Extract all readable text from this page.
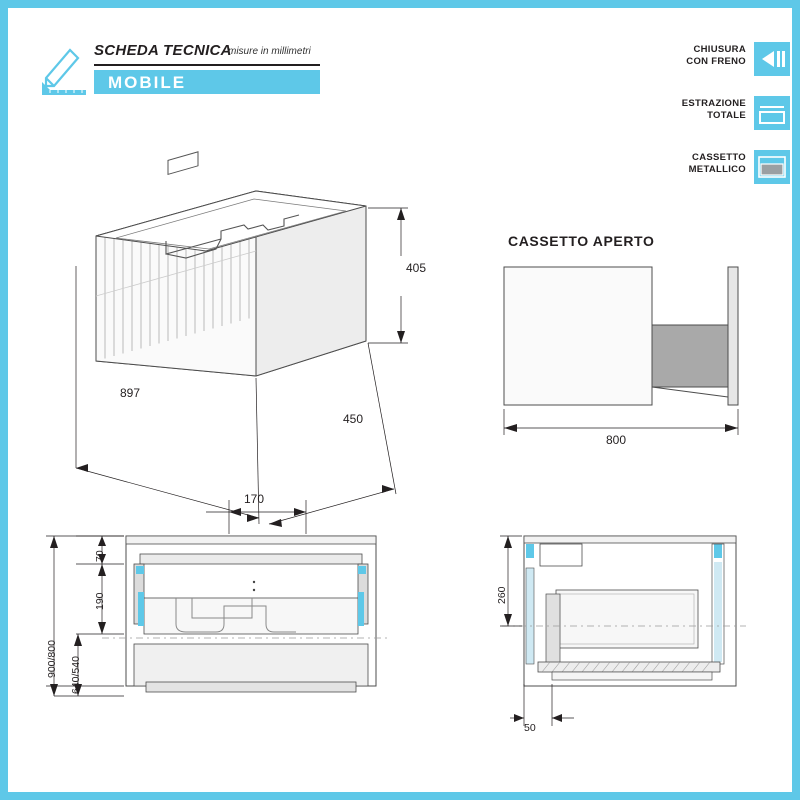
SCHEDA TECNICA
misure in millimetri
MOBILE
CHIUSURA
CON FRENO
ESTRAZIONE
TOTALE
CASSETTO
METALLICO
897
450
405
CASSETTO APERTO
800
170
70
190
640/540
900/800
260
50
